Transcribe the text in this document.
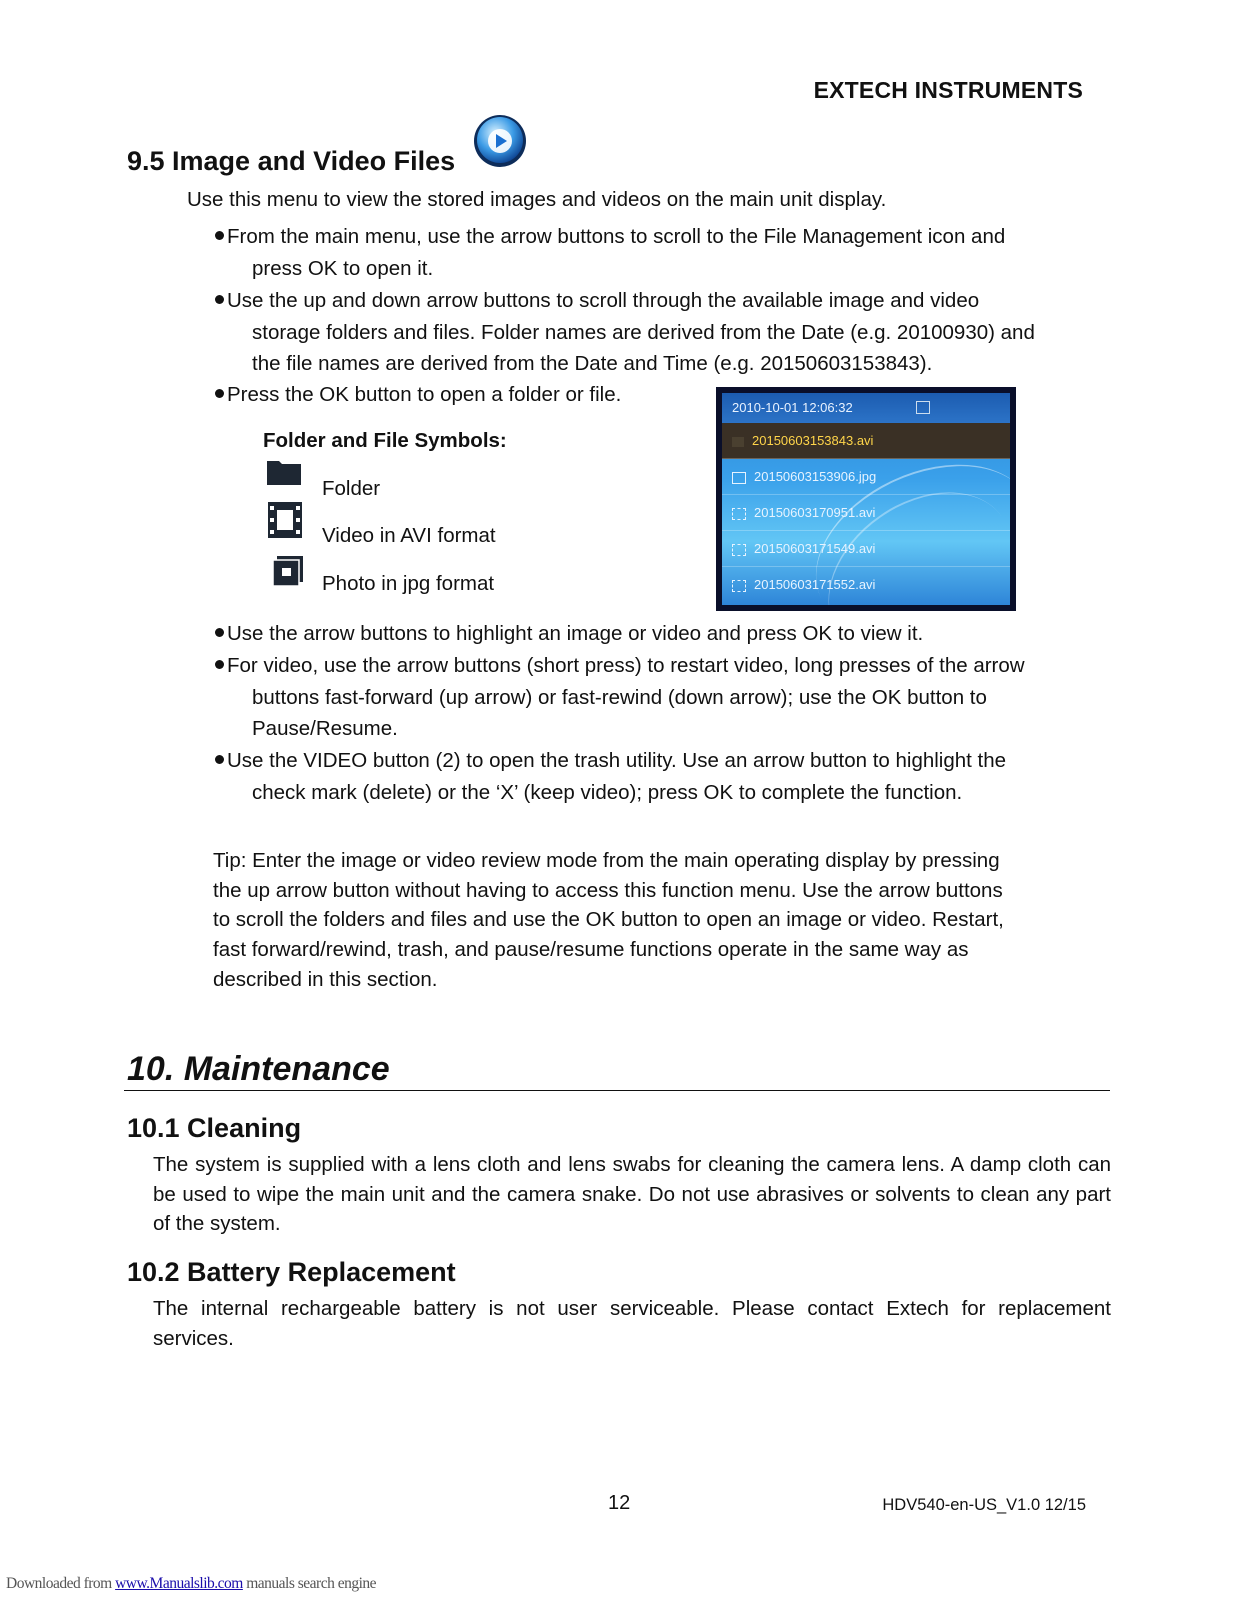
EXTECH INSTRUMENTS
9.5 Image and Video Files
Use this menu to view the stored images and videos on the main unit display.
From the main menu, use the arrow buttons to scroll to the File Management icon and
press OK to open it.
Use the up and down arrow buttons to scroll through the available image and video
storage folders and files. Folder names are derived from the Date (e.g. 20100930) and
the file names are derived from the Date and Time (e.g. 20150603153843).
Press the OK button to open a folder or file.
Folder and File Symbols:
Folder
Video in AVI format
Photo in jpg format
2010-10-01 12:06:32
20150603153843.avi
20150603153906.jpg
20150603170951.avi
20150603171549.avi
20150603171552.avi
Use the arrow buttons to highlight an image or video and press OK to view it.
For video, use the arrow buttons (short press) to restart video, long presses of the arrow
buttons fast-forward (up arrow) or fast-rewind (down arrow); use the OK button to
Pause/Resume.
Use the VIDEO button (2) to open the trash utility. Use an arrow button to highlight the
check mark (delete) or the ‘X’ (keep video); press OK to complete the function.
Tip: Enter the image or video review mode from the main operating display by pressing
the up arrow button without having to access this function menu. Use the arrow buttons
to scroll the folders and files and use the OK button to open an image or video. Restart,
fast forward/rewind, trash, and pause/resume functions operate in the same way as
described in this section.
10. Maintenance
10.1 Cleaning
The system is supplied with a lens cloth and lens swabs for cleaning the camera lens. A damp cloth can be used to wipe the main unit and the camera snake. Do not use abrasives or solvents to clean any part of the system.
10.2 Battery Replacement
The internal rechargeable battery is not user serviceable. Please contact Extech for replacement services.
12	HDV540-en-US_V1.0 12/15
Downloaded from www.Manualslib.com manuals search engine
